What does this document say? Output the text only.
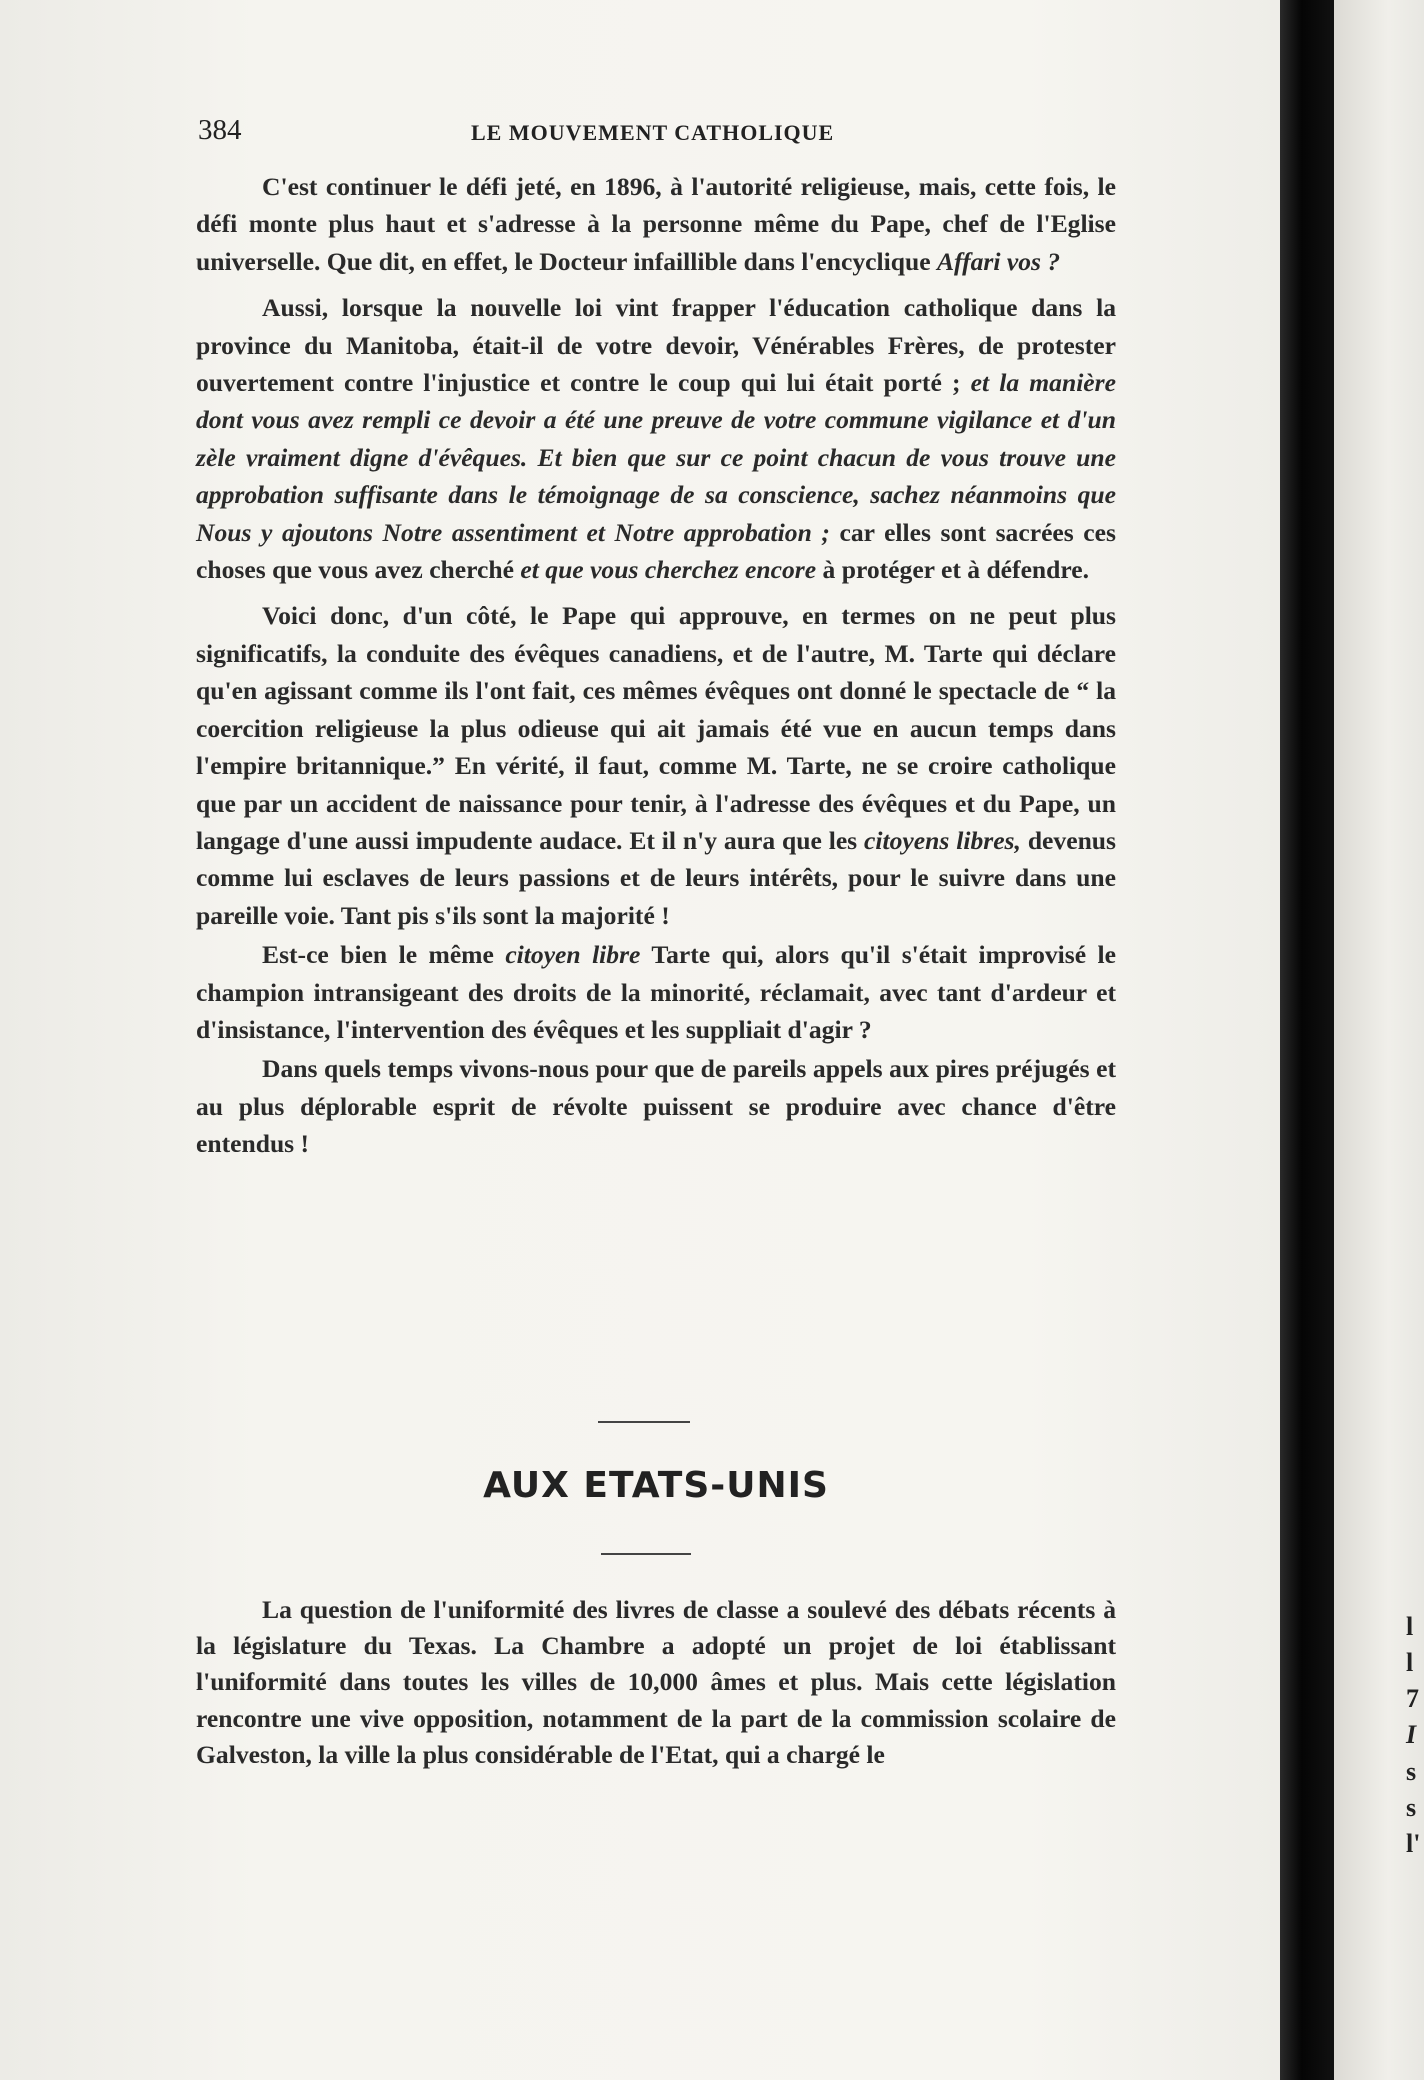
384	LE MOUVEMENT CATHOLIQUE

C'est continuer le défi jeté, en 1896, à l'autorité religieuse, mais, cette fois, le défi monte plus haut et s'adresse à la personne même du Pape, chef de l'Eglise universelle. Que dit, en effet, le Docteur infaillible dans l'encyclique Affari vos ?

Aussi, lorsque la nouvelle loi vint frapper l'éducation catholique dans la province du Manitoba, était-il de votre devoir, Vénérables Frères, de protester ouvertement contre l'injustice et contre le coup qui lui était porté ; et la manière dont vous avez rempli ce devoir a été une preuve de votre commune vigilance et d'un zèle vraiment digne d'évêques. Et bien que sur ce point chacun de vous trouve une approbation suffisante dans le témoignage de sa conscience, sachez néanmoins que Nous y ajoutons Notre assentiment et Notre approbation ; car elles sont sacrées ces choses que vous avez cherché et que vous cherchez encore à protéger et à défendre.

Voici donc, d'un côté, le Pape qui approuve, en termes on ne peut plus significatifs, la conduite des évêques canadiens, et de l'autre, M. Tarte qui déclare qu'en agissant comme ils l'ont fait, ces mêmes évêques ont donné le spectacle de “ la coercition religieuse la plus odieuse qui ait jamais été vue en aucun temps dans l'empire britannique.” En vérité, il faut, comme M. Tarte, ne se croire catholique que par un accident de naissance pour tenir, à l'adresse des évêques et du Pape, un langage d'une aussi impudente audace. Et il n'y aura que les citoyens libres, devenus comme lui esclaves de leurs passions et de leurs intérêts, pour le suivre dans une pareille voie. Tant pis s'ils sont la majorité !

Est-ce bien le même citoyen libre Tarte qui, alors qu'il s'était improvisé le champion intransigeant des droits de la minorité, réclamait, avec tant d'ardeur et d'insistance, l'intervention des évêques et les suppliait d'agir ?

Dans quels temps vivons-nous pour que de pareils appels aux pires préjugés et au plus déplorable esprit de révolte puissent se produire avec chance d'être entendus !

AUX ETATS-UNIS

La question de l'uniformité des livres de classe a soulevé des débats récents à la législature du Texas. La Chambre a adopté un projet de loi établissant l'uniformité dans toutes les villes de 10,000 âmes et plus. Mais cette législation rencontre une vive opposition, notamment de la part de la commission scolaire de Galveston, la ville la plus considérable de l'Etat, qui a chargé le

l
l
7
I
s
s
l'
